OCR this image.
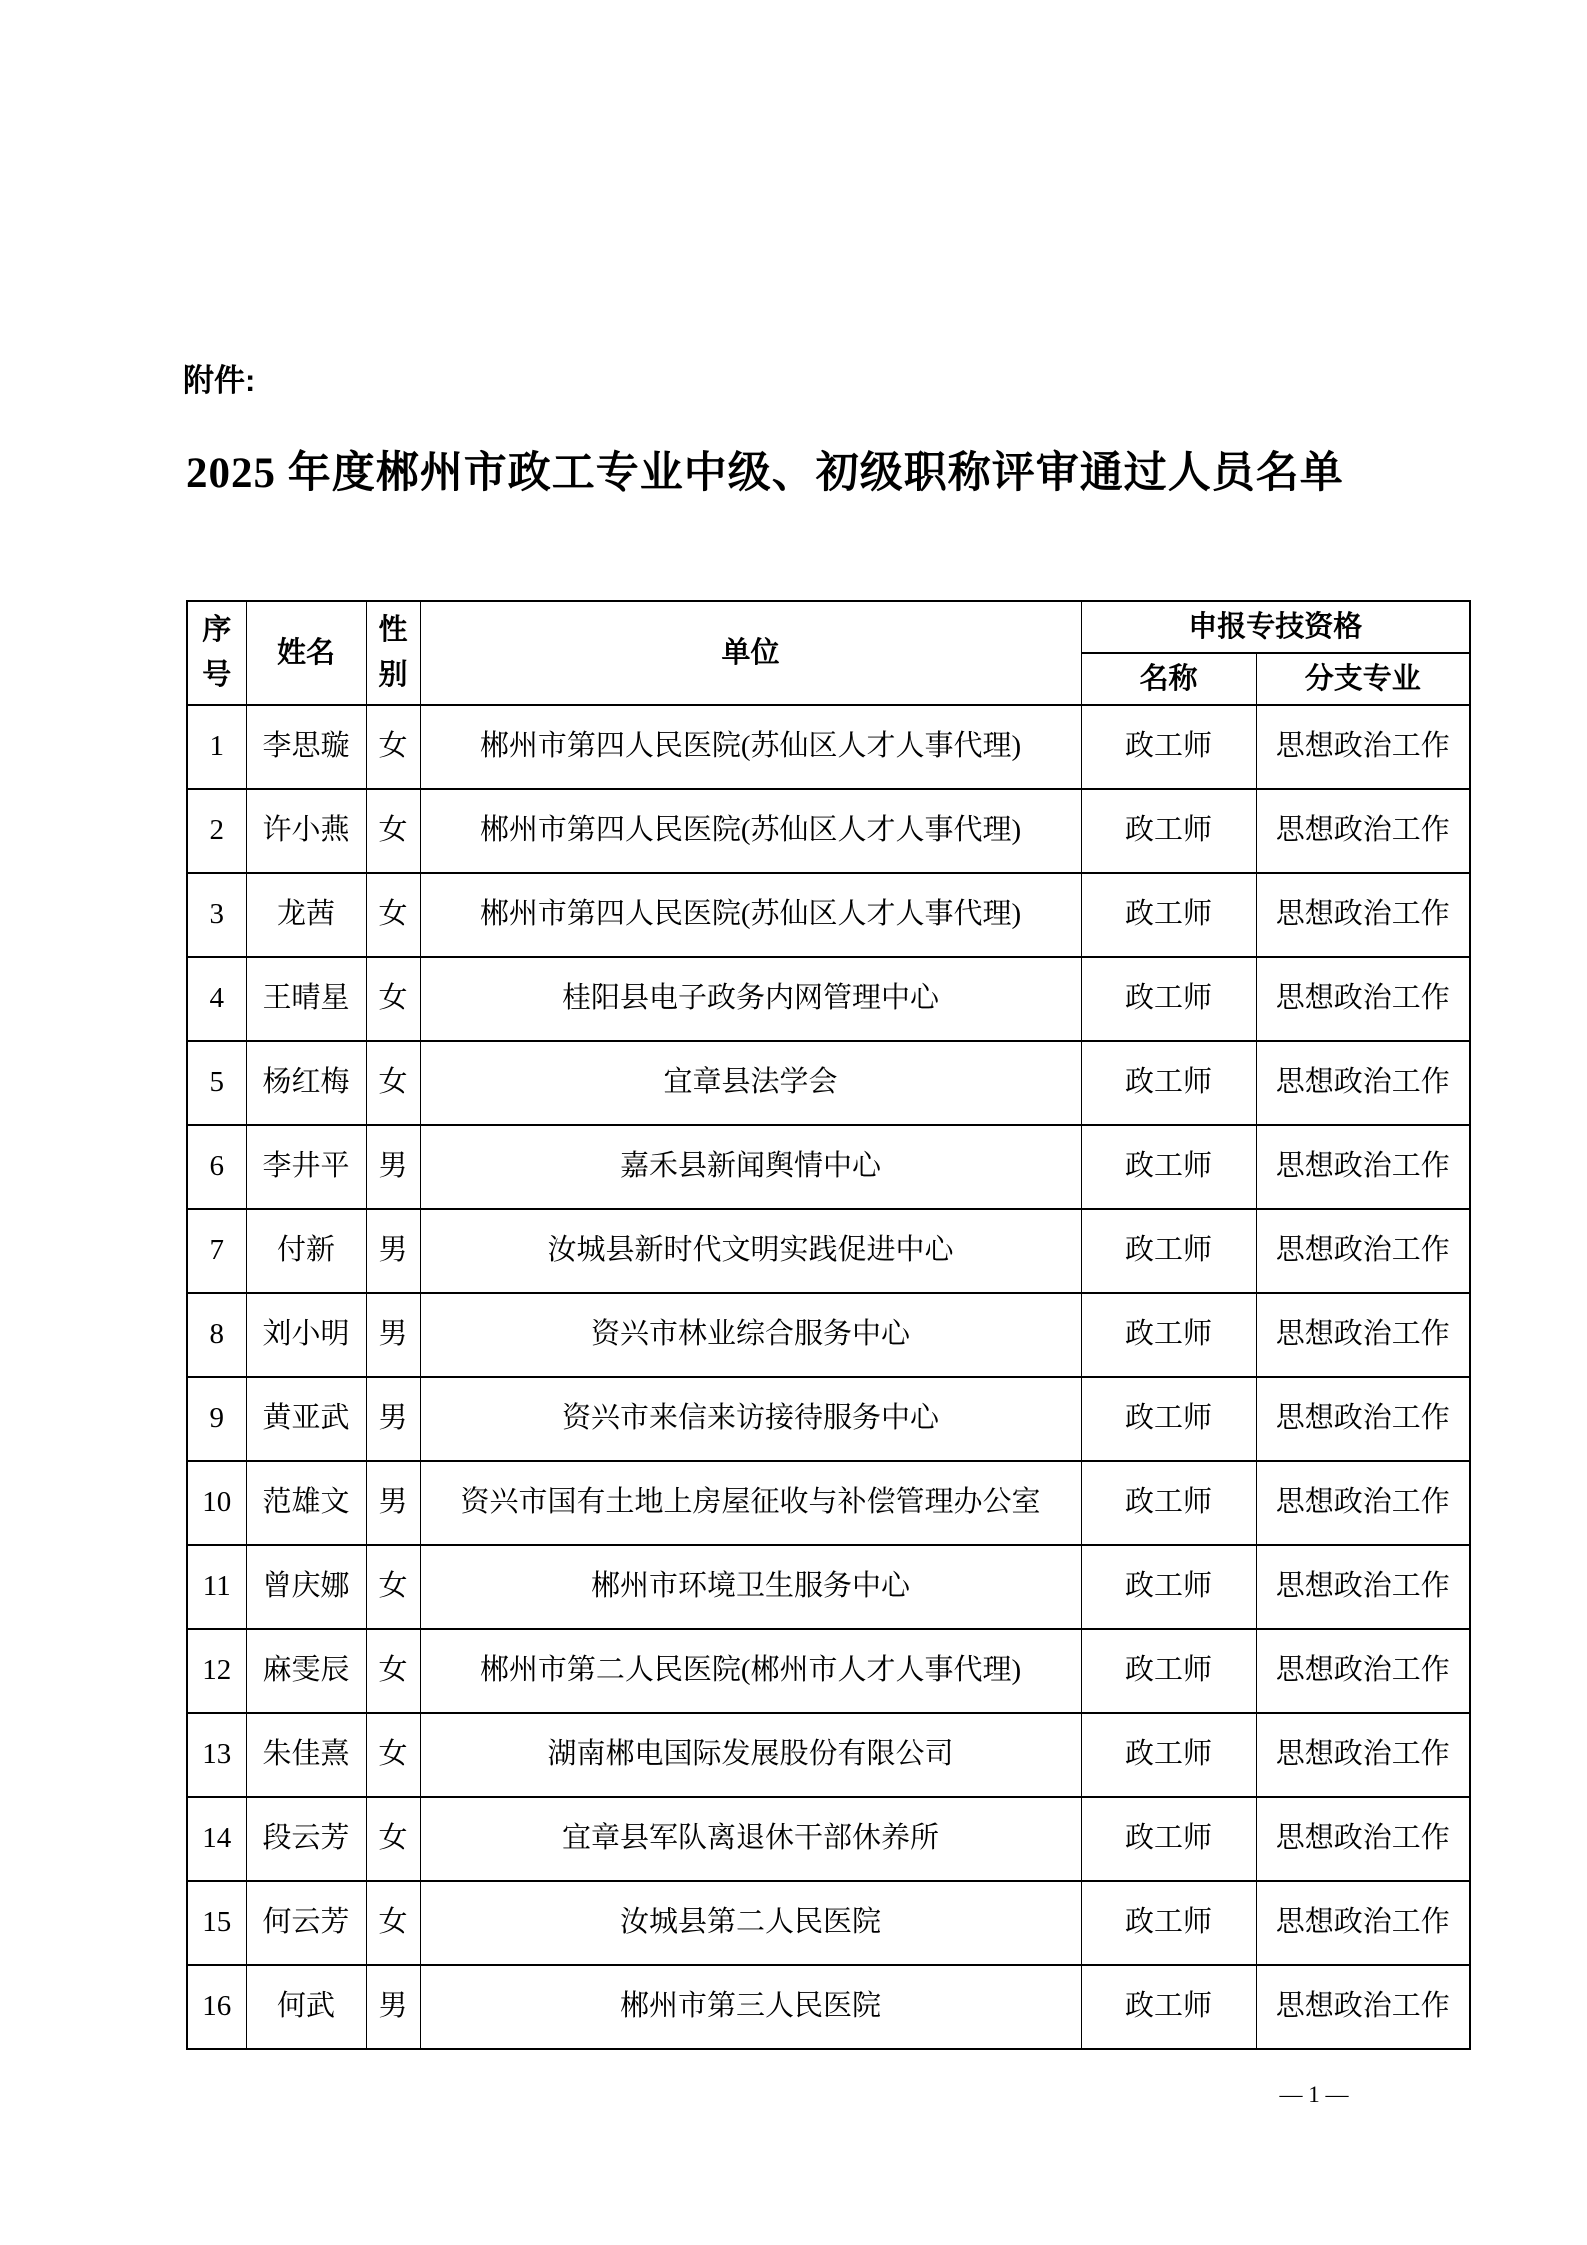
附件:
2025 年度郴州市政工专业中级、初级职称评审通过人员名单
序号	姓名	性别	单位	申报专技资格	
				名称	分支专业
1	李思璇	女	郴州市第四人民医院(苏仙区人才人事代理)	政工师	思想政治工作
2	许小燕	女	郴州市第四人民医院(苏仙区人才人事代理)	政工师	思想政治工作
3	龙茜	女	郴州市第四人民医院(苏仙区人才人事代理)	政工师	思想政治工作
4	王晴星	女	桂阳县电子政务内网管理中心	政工师	思想政治工作
5	杨红梅	女	宜章县法学会	政工师	思想政治工作
6	李井平	男	嘉禾县新闻舆情中心	政工师	思想政治工作
7	付新	男	汝城县新时代文明实践促进中心	政工师	思想政治工作
8	刘小明	男	资兴市林业综合服务中心	政工师	思想政治工作
9	黄亚武	男	资兴市来信来访接待服务中心	政工师	思想政治工作
10	范雄文	男	资兴市国有土地上房屋征收与补偿管理办公室	政工师	思想政治工作
11	曾庆娜	女	郴州市环境卫生服务中心	政工师	思想政治工作
12	麻雯辰	女	郴州市第二人民医院(郴州市人才人事代理)	政工师	思想政治工作
13	朱佳熹	女	湖南郴电国际发展股份有限公司	政工师	思想政治工作
14	段云芳	女	宜章县军队离退休干部休养所	政工师	思想政治工作
15	何云芳	女	汝城县第二人民医院	政工师	思想政治工作
16	何武	男	郴州市第三人民医院	政工师	思想政治工作
— 1 —
